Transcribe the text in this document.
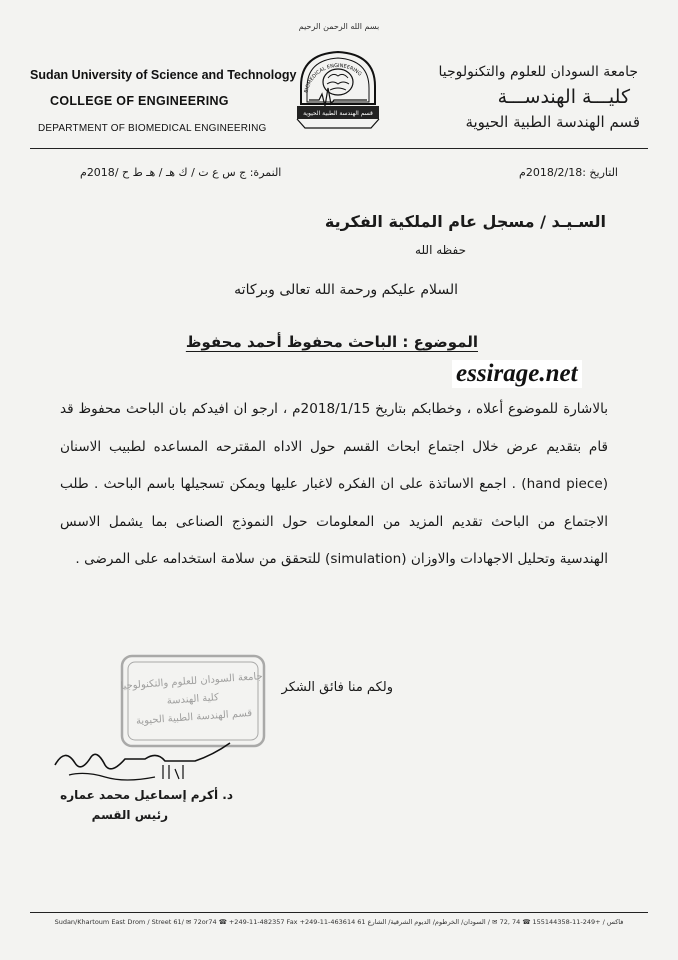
بسم الله الرحمن الرحيم
Sudan University of Science and Technology
COLLEGE OF ENGINEERING
DEPARTMENT OF BIOMEDICAL ENGINEERING
جامعة السودان للعلوم والتكنولوجيا
كليـــة الهندســـة
قسم الهندسة الطبية الحيوية
BIOMEDICAL ENGINEERING
قسم الهندسة الطبية الحيوية
التاريخ :2018/2/18م
النمرة: ج س ع ت / ك هـ / هـ ط ح /2018م
السـيـد / مسجل عام الملكية الفكرية
حفظه الله
السلام عليكم ورحمة الله تعالى وبركاته
الموضوع : الباحث محفوظ أحمد محفوظ
بالاشارة للموضوع أعلاه ، وخطابكم بتاريخ 2018/1/15م ، ارجو ان افيدكم بان الباحث محفوظ قد قام بتقديم عرض خلال اجتماع ابحاث القسم حول الاداه المقترحه المساعده لطبيب الاسنان (hand piece) . اجمع الاساتذة على ان الفكره لاغبار عليها ويمكن تسجيلها باسم الباحث . طلب الاجتماع من الباحث تقديم المزيد من المعلومات حول النموذج الصناعى بما يشمل الاسس الهندسية وتحليل الاجهادات والاوزان (simulation) للتحقق من سلامة استخدامه على المرضى .
essirage.net
ولكم منا فائق الشكر
جامعة السودان للعلوم والتكنولوجيا
كلية الهندسة
قسم الهندسة الطبية الحيوية
د. أكرم إسماعيل محمد عماره
رئيس القسم
Sudan/Khartoum East Drom / Street 61/ ✉ 72or74 ☎ +249-11-482357 Fax +249-11-463614 فاكس / +249-11-155144358 ☎ 74 ,72 ✉ / السودان/ الخرطوم/ الديوم الشرقية/ الشارع 61
